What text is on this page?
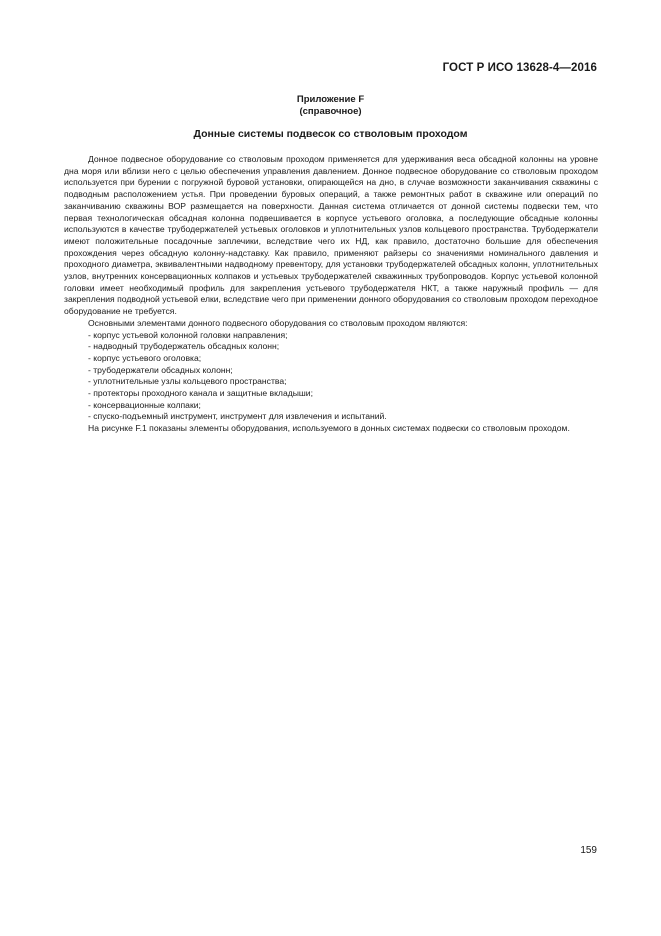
ГОСТ Р ИСО 13628-4—2016
Приложение F
(справочное)
Донные системы подвесок со стволовым проходом

Донное подвесное оборудование со стволовым проходом применяется для удерживания веса обсадной колонны на уровне дна моря или вблизи него с целью обеспечения управления давлением. Донное подвесное оборудование со стволовым проходом используется при бурении с погружной буровой установки, опирающейся на дно, в случае возможности заканчивания скважины с подводным расположением устья. При проведении буровых операций, а также ремонтных работ в скважине или операций по заканчиванию скважины ВОР размещается на поверхности. Данная система отличается от донной системы подвески тем, что первая технологическая обсадная колонна подвешивается в корпусе устьевого оголовка, а последующие обсадные колонны используются в качестве трубодержателей устьевых оголовков и уплотнительных узлов кольцевого пространства. Трубодержатели имеют положительные посадочные заплечики, вследствие чего их НД, как правило, достаточно большие для обеспечения прохождения через обсадную колонну-надставку. Как правило, применяют райзеры со значениями номинального давления и проходного диаметра, эквивалентными надводному превентору, для установки трубодержателей обсадных колонн, уплотнительных узлов, внутренних консервационных колпаков и устьевых трубодержателей скважинных трубопроводов. Корпус устьевой колонной головки имеет необходимый профиль для закрепления устьевого трубодержателя НКТ, а также наружный профиль — для закрепления подводной устьевой елки, вследствие чего при применении донного оборудования со стволовым проходом переходное оборудование не требуется.

Основными элементами донного подвесного оборудования со стволовым проходом являются:

- корпус устьевой колонной головки направления;
- надводный трубодержатель обсадных колонн;
- корпус устьевого оголовка;
- трубодержатели обсадных колонн;
- уплотнительные узлы кольцевого пространства;
- протекторы проходного канала и защитные вкладыши;
- консервационные колпаки;
- спуско-подъемный инструмент, инструмент для извлечения и испытаний.

На рисунке F.1 показаны элементы оборудования, используемого в донных системах подвески со стволовым проходом.

159
